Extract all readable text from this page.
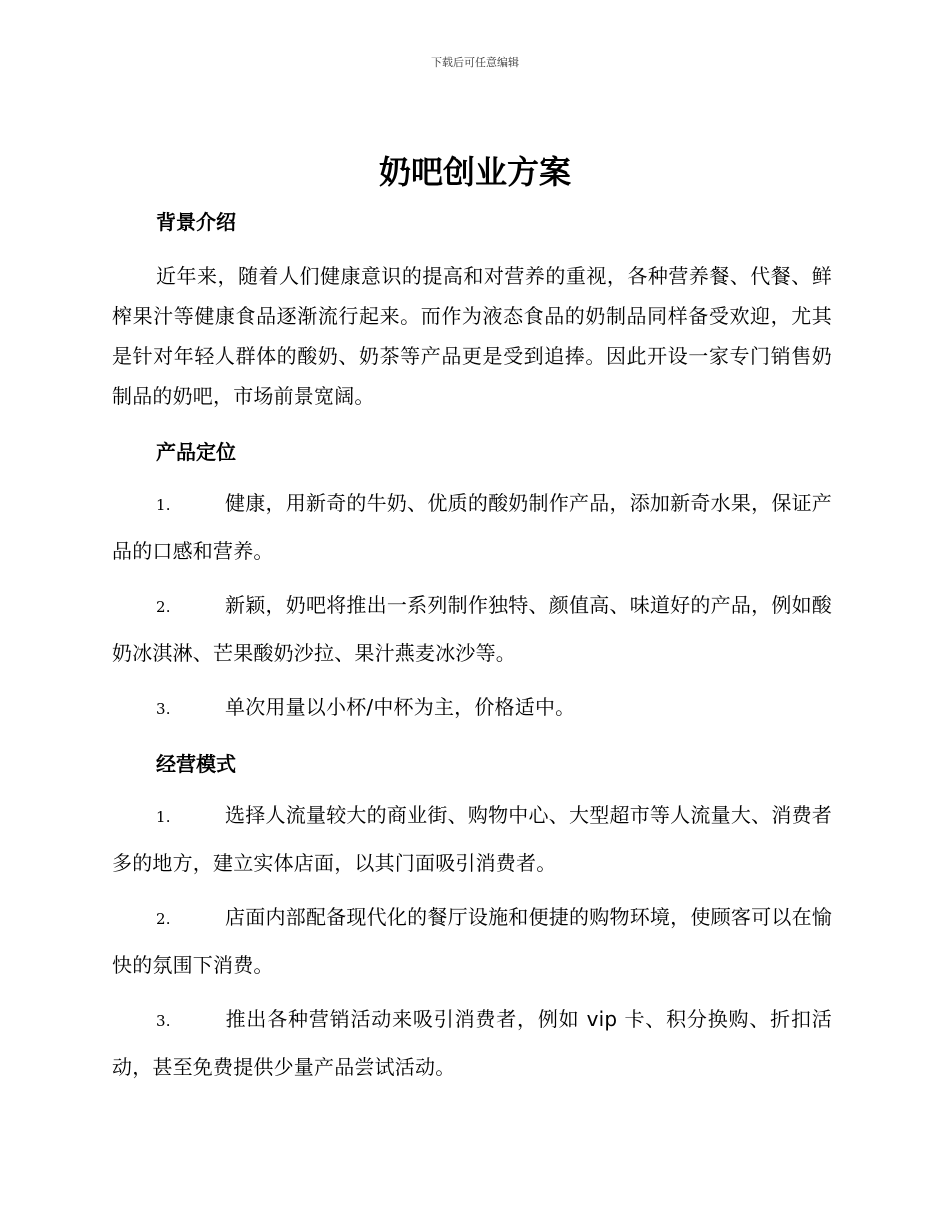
下载后可任意编辑
奶吧创业方案
背景介绍

近年来，随着人们健康意识的提高和对营养的重视，各种营养餐、代餐、鲜榨果汁等健康食品逐渐流行起来。而作为液态食品的奶制品同样备受欢迎，尤其是针对年轻人群体的酸奶、奶茶等产品更是受到追捧。因此开设一家专门销售奶制品的奶吧，市场前景宽阔。

产品定位
1.	健康，用新奇的牛奶、优质的酸奶制作产品，添加新奇水果，保证产品的口感和营养。
2.	新颖，奶吧将推出一系列制作独特、颜值高、味道好的产品，例如酸奶冰淇淋、芒果酸奶沙拉、果汁燕麦冰沙等。
3.	单次用量以小杯/中杯为主，价格适中。
经营模式
1.	选择人流量较大的商业街、购物中心、大型超市等人流量大、消费者多的地方，建立实体店面，以其门面吸引消费者。
2.	店面内部配备现代化的餐厅设施和便捷的购物环境，使顾客可以在愉快的氛围下消费。
3.	推出各种营销活动来吸引消费者，例如 vip 卡、积分换购、折扣活动，甚至免费提供少量产品尝试活动。
